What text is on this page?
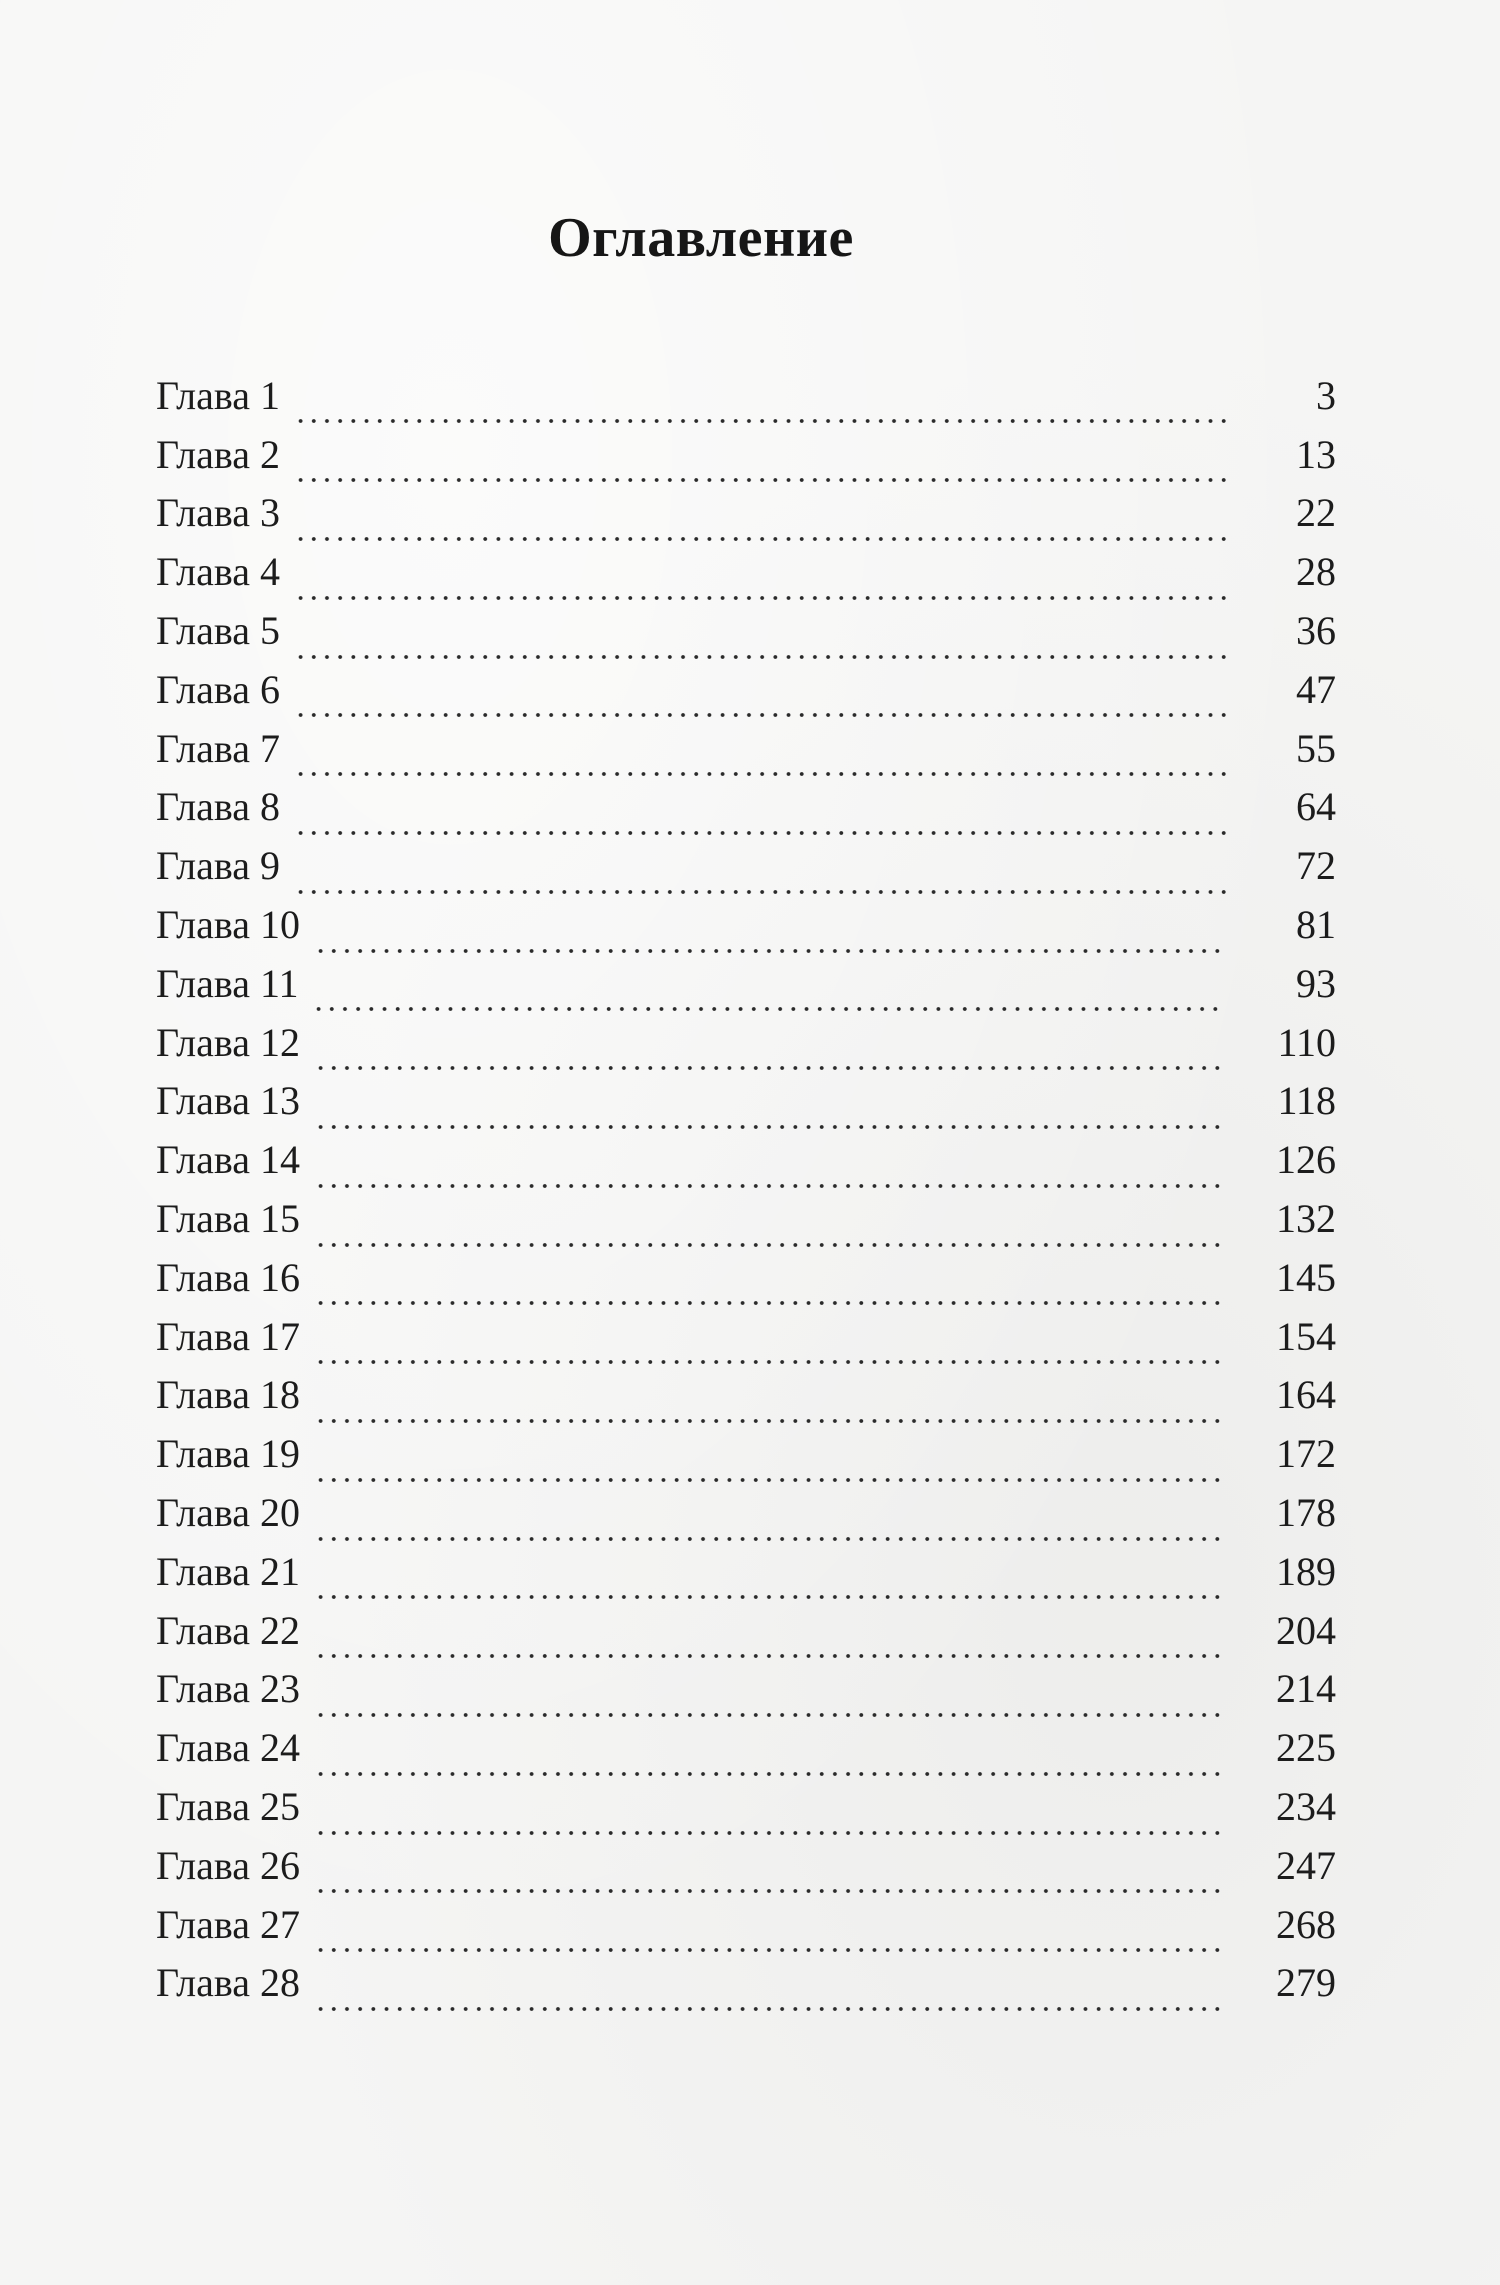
Оглавление
Глава 1	3
Глава 2	13
Глава 3	22
Глава 4	28
Глава 5	36
Глава 6	47
Глава 7	55
Глава 8	64
Глава 9	72
Глава 10	81
Глава 11	93
Глава 12	110
Глава 13	118
Глава 14	126
Глава 15	132
Глава 16	145
Глава 17	154
Глава 18	164
Глава 19	172
Глава 20	178
Глава 21	189
Глава 22	204
Глава 23	214
Глава 24	225
Глава 25	234
Глава 26	247
Глава 27	268
Глава 28	279
